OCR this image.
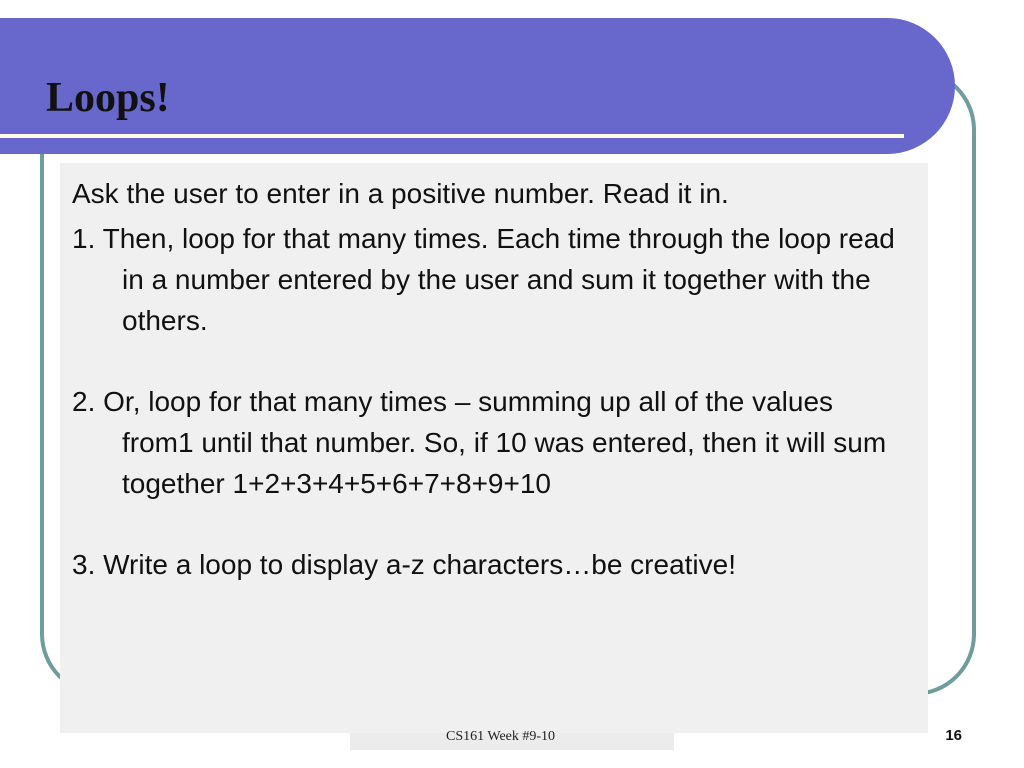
Loops!

Ask the user to enter in a positive number. Read it in.

1. Then, loop for that many times. Each time through the loop read in a number entered by the user and sum it together with the others.

2. Or, loop for that many times – summing up all of the values from1 until that number. So, if 10 was entered, then it will sum together 1+2+3+4+5+6+7+8+9+10

3. Write a loop to display a-z characters…be creative!

CS161 Week #9-10	16
